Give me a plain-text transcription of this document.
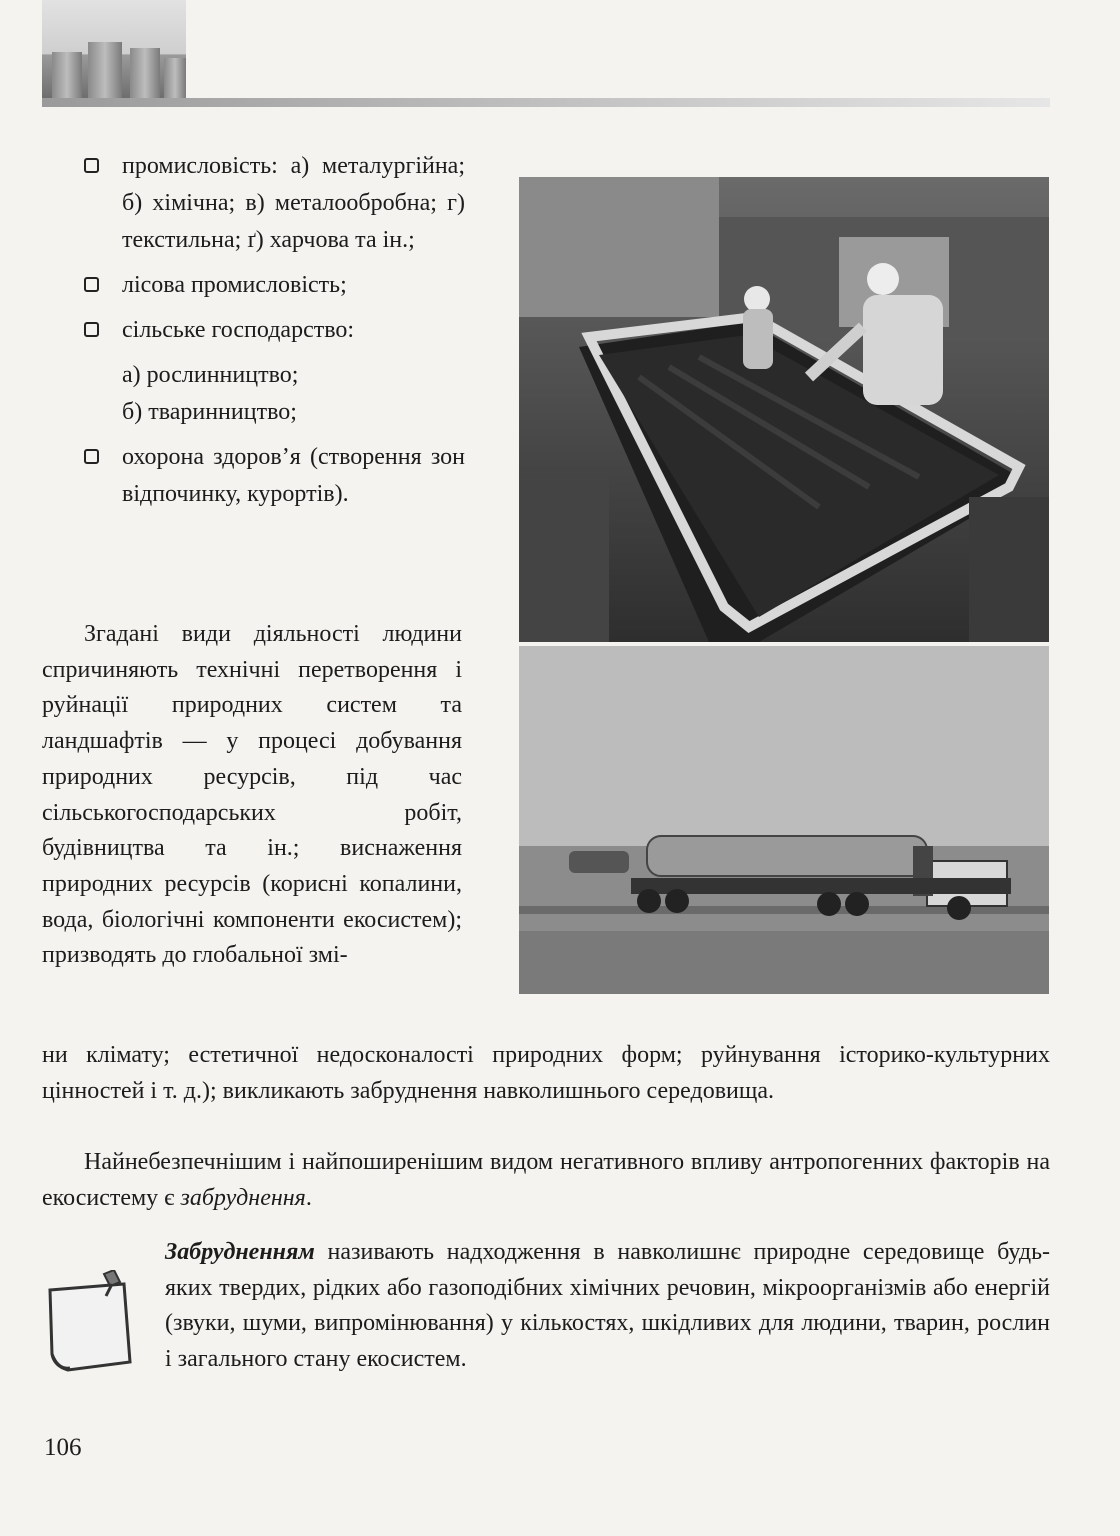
промисловість: а) металургійна; б) хімічна; в) металообробна; г) текстильна; ґ) харчова та ін.;
лісова промисловість;
сільське господарство:
а) рослинництво;
б) тваринництво;
охорона здоров’я (створення зон відпочинку, курортів).

Згадані види діяльності людини спричиняють технічні перетворення і руйнації природних систем та ландшафтів — у процесі добування природних ресурсів, під час сільськогосподарських робіт, будівництва та ін.; виснаження природних ресурсів (корисні копалини, вода, біологічні компоненти екосистем); призводять до глобальної змі-

ни клімату; естетичної недосконалості природних форм; руйнування історико-культурних цінностей і т. д.); викликають забруднення навколишнього середовища.

Найнебезпечнішим і найпоширенішим видом негативного впливу антропогенних факторів на екосистему є забруднення.

Забрудненням називають надходження в навколишнє природне середовище будь-яких твердих, рідких або газоподібних хімічних речовин, мікроорганізмів або енергій (звуки, шуми, випромінювання) у кількостях, шкідливих для людини, тварин, рослин і загального стану екосистем.

106
